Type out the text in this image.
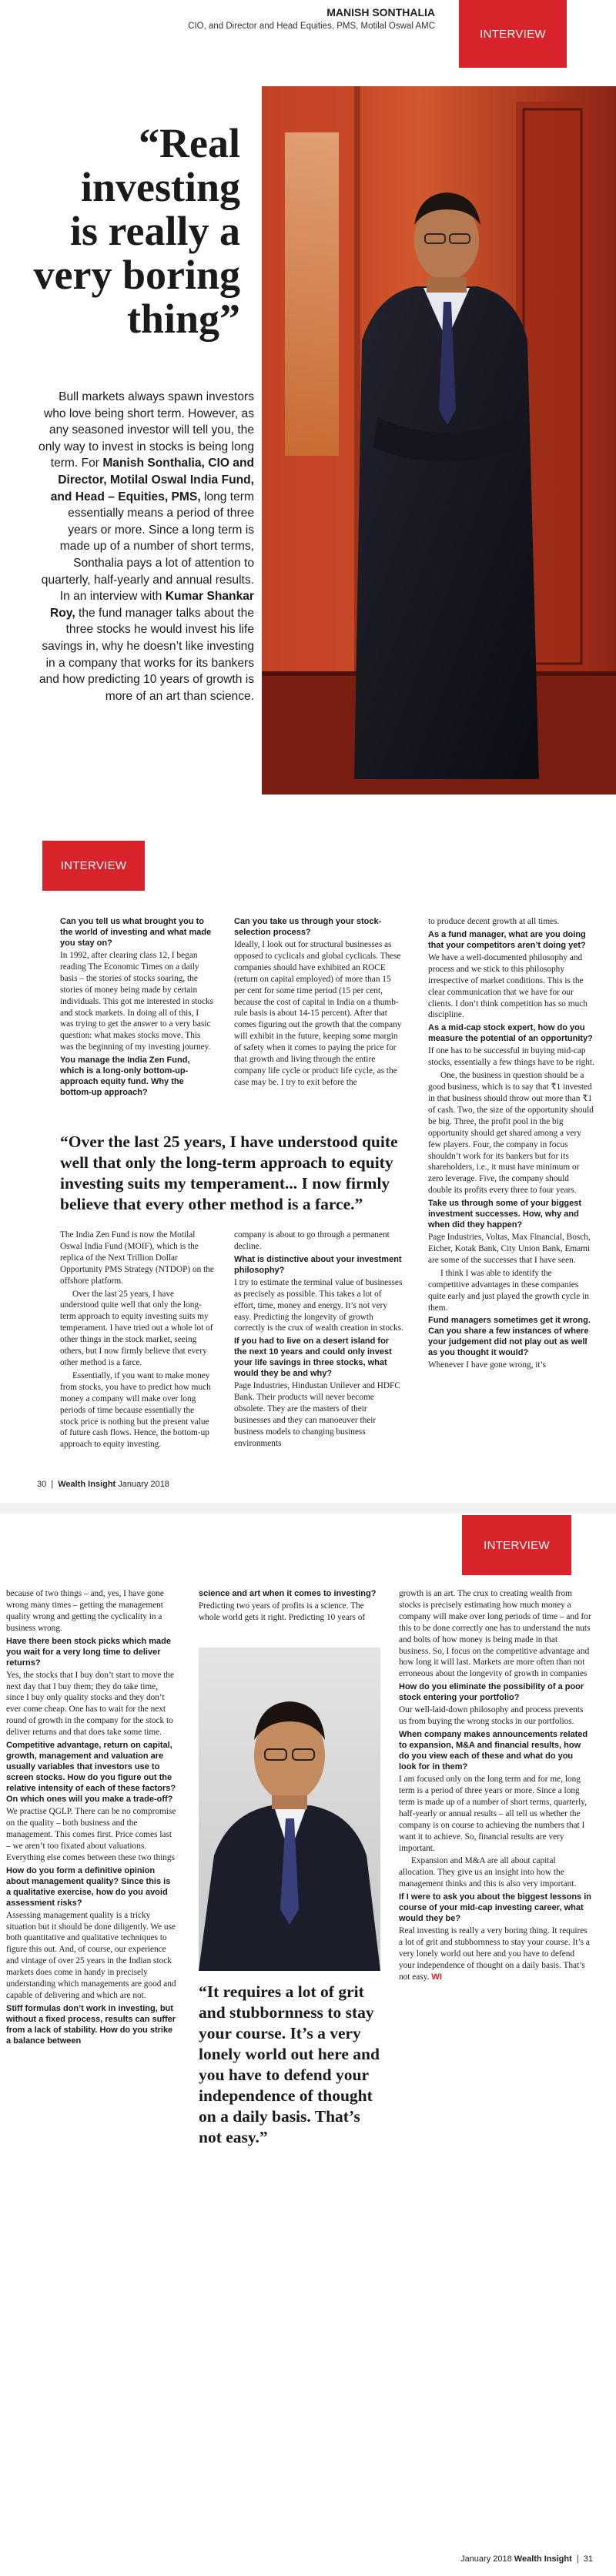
MANISH SONTHALIA
CIO, and Director and Head Equities, PMS, Motilal Oswal AMC
INTERVIEW
“Real
investing
is really a
very boring
thing”
Bull markets always spawn investors who love being short term. However, as any seasoned investor will tell you, the only way to invest in stocks is being long term. For Manish Sonthalia, CIO and Director, Motilal Oswal India Fund, and Head – Equities, PMS, long term essentially means a period of three years or more. Since a long term is made up of a number of short terms, Sonthalia pays a lot of attention to quarterly, half-yearly and annual results. In an interview with Kumar Shankar Roy, the fund manager talks about the three stocks he would invest his life savings in, why he doesn’t like investing in a company that works for its bankers and how predicting 10 years of growth is more of an art than science.
INTERVIEW

Can you tell us what brought you to the world of investing and what made you stay on?

In 1992, after clearing class 12, I began reading The Economic Times on a daily basis – the stories of stocks soaring, the stories of money being made by certain individuals. This got me interested in stocks and stock markets. In doing all of this, I was trying to get the answer to a very basic question: what makes stocks move. This was the beginning of my investing journey.

You manage the India Zen Fund, which is a long-only bottom-up-approach equity fund. Why the bottom-up approach?

Can you take us through your stock-selection process?

Ideally, I look out for structural businesses as opposed to cyclicals and global cyclicals. These companies should have exhibited an ROCE (return on capital employed) of more than 15 per cent for some time period (15 per cent, because the cost of capital in India on a thumb-rule basis is about 14-15 percent). After that comes figuring out the growth that the company will exhibit in the future, keeping some margin of safety when it comes to paying the price for that growth and living through the entire company life cycle or product life cycle, as the case may be. I try to exit before the

to produce decent growth at all times.

As a fund manager, what are you doing that your competitors aren’t doing yet?

We have a well-documented philosophy and process and we stick to this philosophy irrespective of market conditions. This is the clear communication that we have for our clients. I don’t think competition has so much discipline.

As a mid-cap stock expert, how do you measure the potential of an opportunity?

If one has to be successful in buying mid-cap stocks, essentially a few things have to be right.

One, the business in question should be a good business, which is to say that ₹1 invested in that business should throw out more than ₹1 of cash. Two, the size of the opportunity should be big. Three, the profit pool in the big opportunity should get shared among a very few players. Four, the company in focus shouldn’t work for its bankers but for its shareholders, i.e., it must have minimum or zero leverage. Five, the company should double its profits every three to four years.

Take us through some of your biggest investment successes. How, why and when did they happen?

Page Industries, Voltas, Max Financial, Bosch, Eicher, Kotak Bank, City Union Bank, Emami are some of the successes that I have seen.

I think I was able to identify the competitive advantages in these companies quite early and just played the growth cycle in them.

Fund managers sometimes get it wrong. Can you share a few instances of where your judgement did not play out as well as you thought it would?

Whenever I have gone wrong, it’s

“Over the last 25 years, I have understood quite well that only the long-term approach to equity investing suits my temperament... I now firmly believe that every other method is a farce.”

The India Zen Fund is now the Motilal Oswal India Fund (MOIF), which is the replica of the Next Trillion Dollar Opportunity PMS Strategy (NTDOP) on the offshore platform.

Over the last 25 years, I have understood quite well that only the long-term approach to equity investing suits my temperament. I have tried out a whole lot of other things in the stock market, seeing others, but I now firmly believe that every other method is a farce.

Essentially, if you want to make money from stocks, you have to predict how much money a company will make over long periods of time because essentially the stock price is nothing but the present value of future cash flows. Hence, the bottom-up approach to equity investing.

company is about to go through a permanent decline.

What is distinctive about your investment philosophy?

I try to estimate the terminal value of businesses as precisely as possible. This takes a lot of effort, time, money and energy. It’s not very easy. Predicting the longevity of growth correctly is the crux of wealth creation in stocks.

If you had to live on a desert island for the next 10 years and could only invest your life savings in three stocks, what would they be and why?

Page Industries, Hindustan Unilever and HDFC Bank. Their products will never become obsolete. They are the masters of their businesses and they can manoeuver their business models to changing business environments

30 | Wealth Insight January 2018
INTERVIEW

because of two things – and, yes, I have gone wrong many times – getting the management quality wrong and getting the cyclicality in a business wrong.

Have there been stock picks which made you wait for a very long time to deliver returns?

Yes, the stocks that I buy don’t start to move the next day that I buy them; they do take time, since I buy only quality stocks and they don’t ever come cheap. One has to wait for the next round of growth in the company for the stock to deliver returns and that does take some time.

Competitive advantage, return on capital, growth, management and valuation are usually variables that investors use to screen stocks. How do you figure out the relative intensity of each of these factors? On which ones will you make a trade-off?

We practise QGLP. There can be no compromise on the quality – both business and the management. This comes first. Price comes last – we aren’t too fixated about valuations. Everything else comes between these two things

How do you form a definitive opinion about management quality? Since this is a qualitative exercise, how do you avoid assessment risks?

Assessing management quality is a tricky situation but it should be done diligently. We use both quantitative and qualitative techniques to figure this out. And, of course, our experience and vintage of over 25 years in the Indian stock markets does come in handy in precisely understanding which managements are good and capable of delivering and which are not.

Stiff formulas don’t work in investing, but without a fixed process, results can suffer from a lack of stability. How do you strike a balance between

science and art when it comes to investing?

Predicting two years of profits is a science. The whole world gets it right. Predicting 10 years of

“It requires a lot of grit and stubbornness to stay your course. It’s a very lonely world out here and you have to defend your independence of thought on a daily basis. That’s not easy.”

growth is an art. The crux to creating wealth from stocks is precisely estimating how much money a company will make over long periods of time – and for this to be done correctly one has to understand the nuts and bolts of how money is being made in that business. So, I focus on the competitive advantage and how long it will last. Markets are more often than not erroneous about the longevity of growth in companies

How do you eliminate the possibility of a poor stock entering your portfolio?

Our well-laid-down philosophy and process prevents us from buying the wrong stocks in our portfolios.

When company makes announcements related to expansion, M&A and financial results, how do you view each of these and what do you look for in them?

I am focused only on the long term and for me, long term is a period of three years or more. Since a long term is made up of a number of short terms, quarterly, half-yearly or annual results – all tell us whether the company is on course to achieving the numbers that I want it to achieve. So, financial results are very important.

Expansion and M&A are all about capital allocation. They give us an insight into how the management thinks and this is also very important.

If I were to ask you about the biggest lessons in course of your mid-cap investing career, what would they be?

Real investing is really a very boring thing. It requires a lot of grit and stubbornness to stay your course. It’s a very lonely world out here and you have to defend your independence of thought on a daily basis. That’s not easy. WI

January 2018 Wealth Insight | 31
